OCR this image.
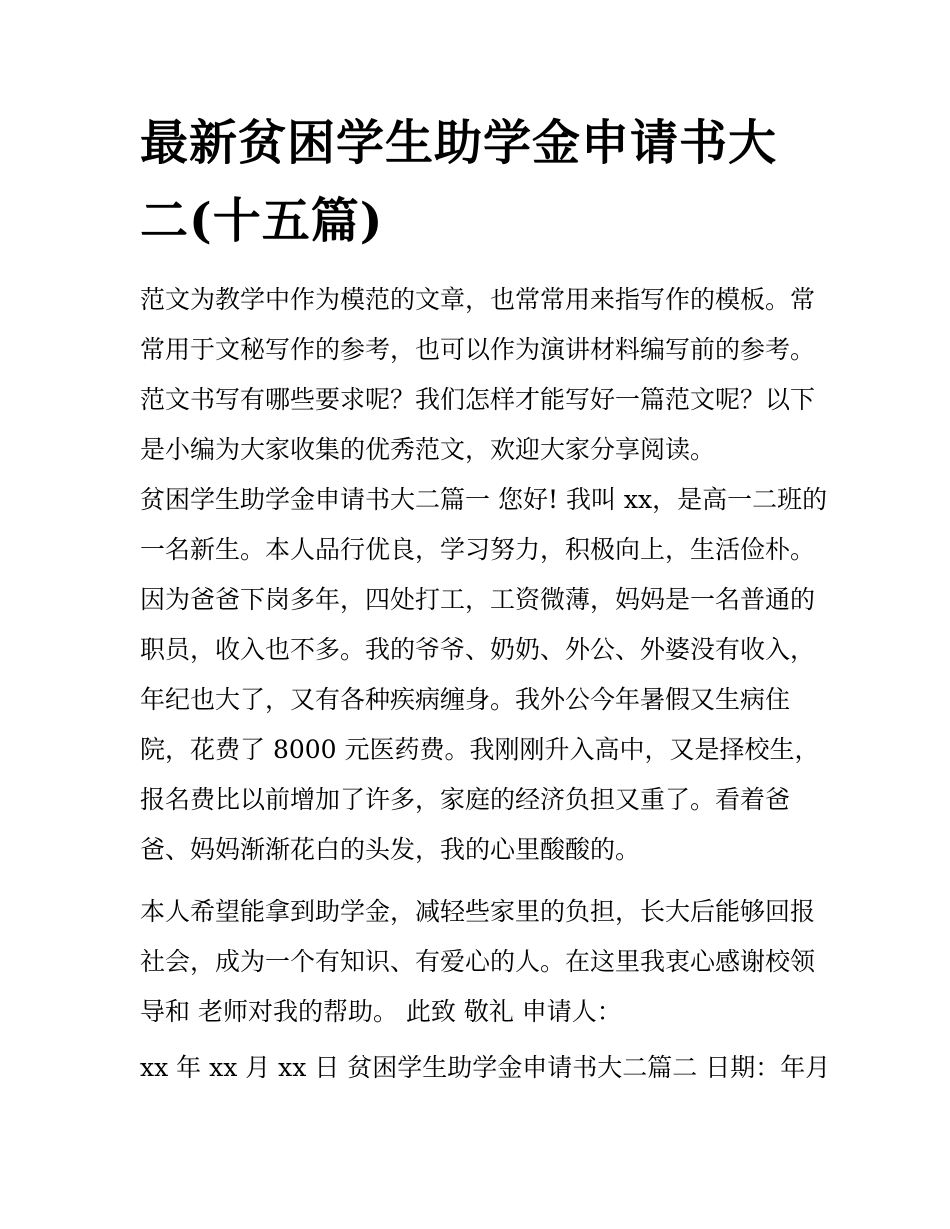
最新贫困学生助学金申请书大
二(十五篇)

范文为教学中作为模范的文章，也常常用来指写作的模板。常
常用于文秘写作的参考，也可以作为演讲材料编写前的参考。
范文书写有哪些要求呢？我们怎样才能写好一篇范文呢？以下
是小编为大家收集的优秀范文，欢迎大家分享阅读。

贫困学生助学金申请书大二篇一 您好! 我叫 xx，是高一二班的
一名新生。本人品行优良，学习努力，积极向上，生活俭朴。
因为爸爸下岗多年，四处打工，工资微薄，妈妈是一名普通的
职员，收入也不多。我的爷爷、奶奶、外公、外婆没有收入，
年纪也大了，又有各种疾病缠身。我外公今年暑假又生病住
院，花费了 8000 元医药费。我刚刚升入高中，又是择校生，
报名费比以前增加了许多，家庭的经济负担又重了。看着爸
爸、妈妈渐渐花白的头发，我的心里酸酸的。

本人希望能拿到助学金，减轻些家里的负担，长大后能够回报
社会，成为一个有知识、有爱心的人。在这里我衷心感谢校领
导和 老师对我的帮助。 此致 敬礼 申请人：

xx 年 xx 月 xx 日 贫困学生助学金申请书大二篇二 日期：年月
